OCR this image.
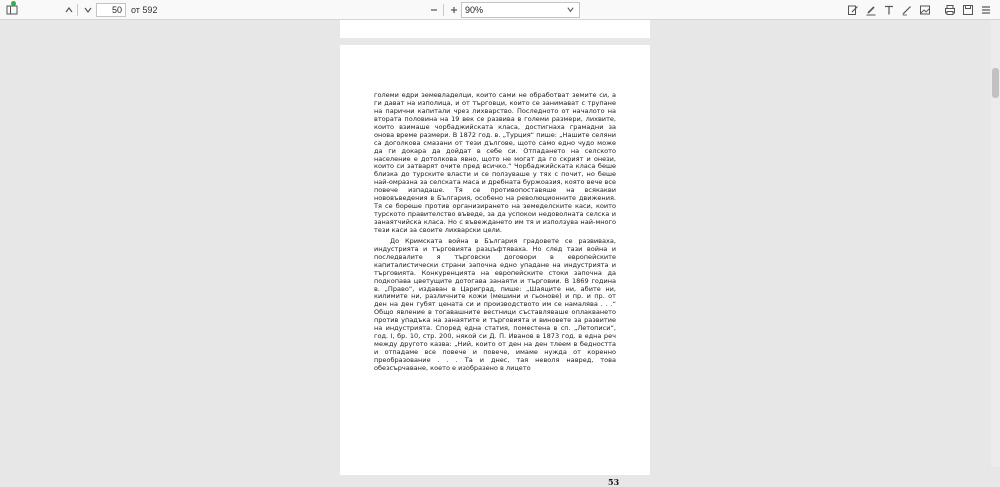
50
от 592	90%

големи едри земевладелци, които сами не обработват земите си, а ги дават на изполица, и от търговци, които се занимават с трупане на парични капитали чрез лихварство. Последното от началото на втората половина на 19 век се развива в големи размери, лихвите, които взимаше чорбаджийската класа, достигнаха грамадни за онова време размери. В 1872 год. в. „Турция“ пише: „Нашите селяни са доголкова смазани от тези дългове, щото само едно чудо може да ги докара да дойдат в себе си. Отпадането на селското население е дотолкова явно, щото не могат да го скрият и онези, които си затварят очите пред всичко.“ Чорбаджийската класа беше близка до турските власти и се ползуваше у тях с почит, но беше най-омразна за селската маса и дребната буржоазия, която вече все повече изпадаше. Тя се противопоставяше на всякакви нововъведения в България, особено на революционните движения. Тя се бореше против организирането на земеделските каси, които турското правителство въведе, за да успокои недоволната селска и занаятчийска класа. Но с въвеждането им тя и използува най-много тези каси за своите лихварски цели.

До Кримската война в България градовете се развиваха, индустрията и търговията разцъфтяваха. Но след тази война и последвалите я търговски договори в европейските капиталистически страни започна едно упадане на индустрията и търговията. Конкуренцията на европейските стоки започна да подкопава цветущите дотогава занаяти и търговии. В 1869 година в. „Право“, издаван в Цариград, пише: „Шаяците ни, абите ни, килимите ни, различните кожи (мешини и гьонове) и пр. и пр. от ден на ден губят цената си и производството им се намалява . . .“ Общо явление в тогавашните вестници съставляваше оплакването против упадъка на занаятите и търговията и виновете за развитие на индустрията. Според една статия, поместена в сп. „Летописи“, год. I, бр. 10, стр. 200, някой си Д. П. Иванов в 1873 год. в една реч между другото казва: „Ний, които от ден на ден тлеем в бедността и отпадаме все повече и повече, имаме нужда от коренно преобразование . . . Та и днес, тая неволя навред, това обезсърчаване, което е изобразено в лицето

53
